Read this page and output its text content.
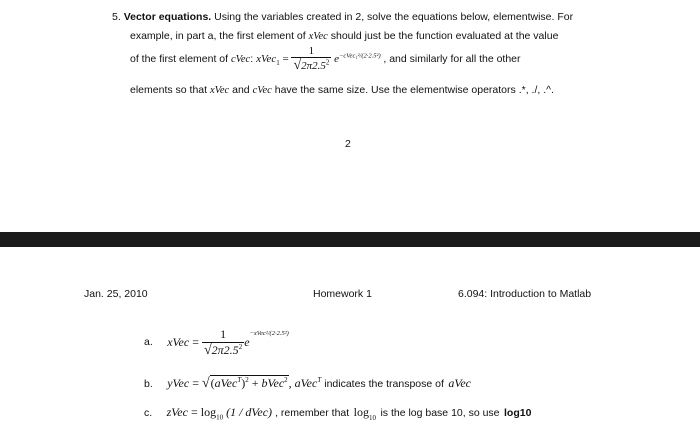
5. Vector equations. Using the variables created in 2, solve the equations below, elementwise. For
example, in part a, the first element of xVec should just be the function evaluated at the value
of the first element of cVec: xVec$_1$ = $\frac{1}{√2\pi 2.5^2} e^{-cVec_1^2/(2\cdot 2.5^2)}$ , and similarly for all the other
elements so that xVec and cVec have the same size. Use the elementwise operators .*, ./, .^.
2
Jan. 25, 2010	Homework 1	6.094: Introduction to Matlab
a. xVec = $\frac{1}{√2\pi 2.5^2} e^{-xVec^2/(2\cdot 2.5^2)}$
b. yVec = √(aVec$^T$)$^2$ + bVec$^2$, aVec$^T$ indicates the transpose of aVec
c. zVec = $\log_{10} (1$ / dVec) , remember that $\log_{10}$ is the log base 10, so use log10
